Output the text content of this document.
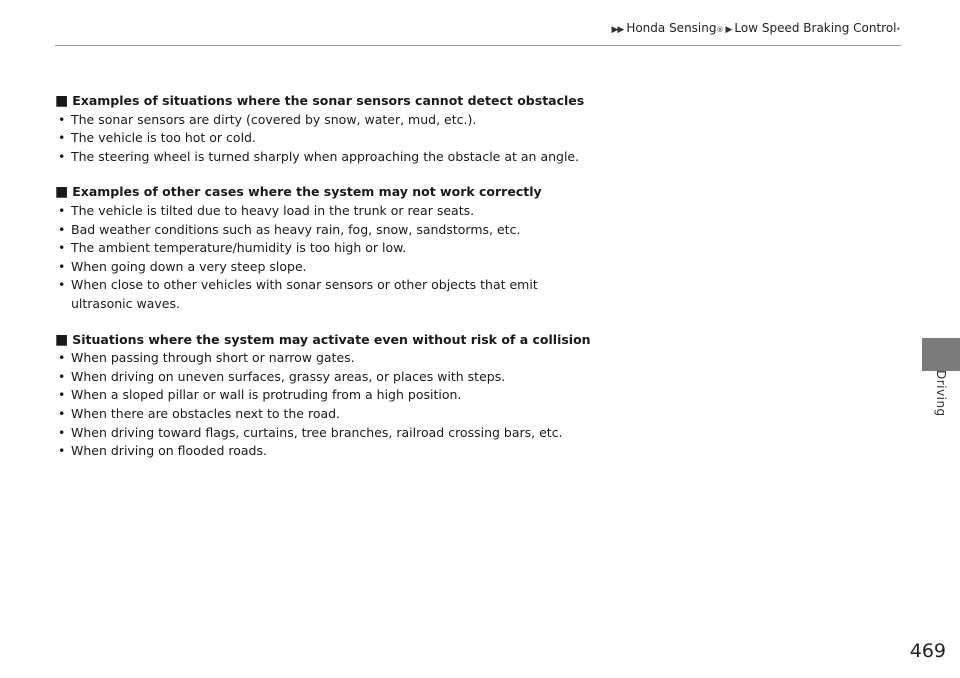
▶▶ Honda Sensing ® ▶ Low Speed Braking Control *
■ Examples of situations where the sonar sensors cannot detect obstacles
• The sonar sensors are dirty (covered by snow, water, mud, etc.).
• The vehicle is too hot or cold.
• The steering wheel is turned sharply when approaching the obstacle at an angle.
■ Examples of other cases where the system may not work correctly
• The vehicle is tilted due to heavy load in the trunk or rear seats.
• Bad weather conditions such as heavy rain, fog, snow, sandstorms, etc.
• The ambient temperature/humidity is too high or low.
• When going down a very steep slope.
• When close to other vehicles with sonar sensors or other objects that emit ultrasonic waves.
■ Situations where the system may activate even without risk of a collision
• When passing through short or narrow gates.
• When driving on uneven surfaces, grassy areas, or places with steps.
• When a sloped pillar or wall is protruding from a high position.
• When there are obstacles next to the road.
• When driving toward flags, curtains, tree branches, railroad crossing bars, etc.
• When driving on flooded roads.
Driving
469
